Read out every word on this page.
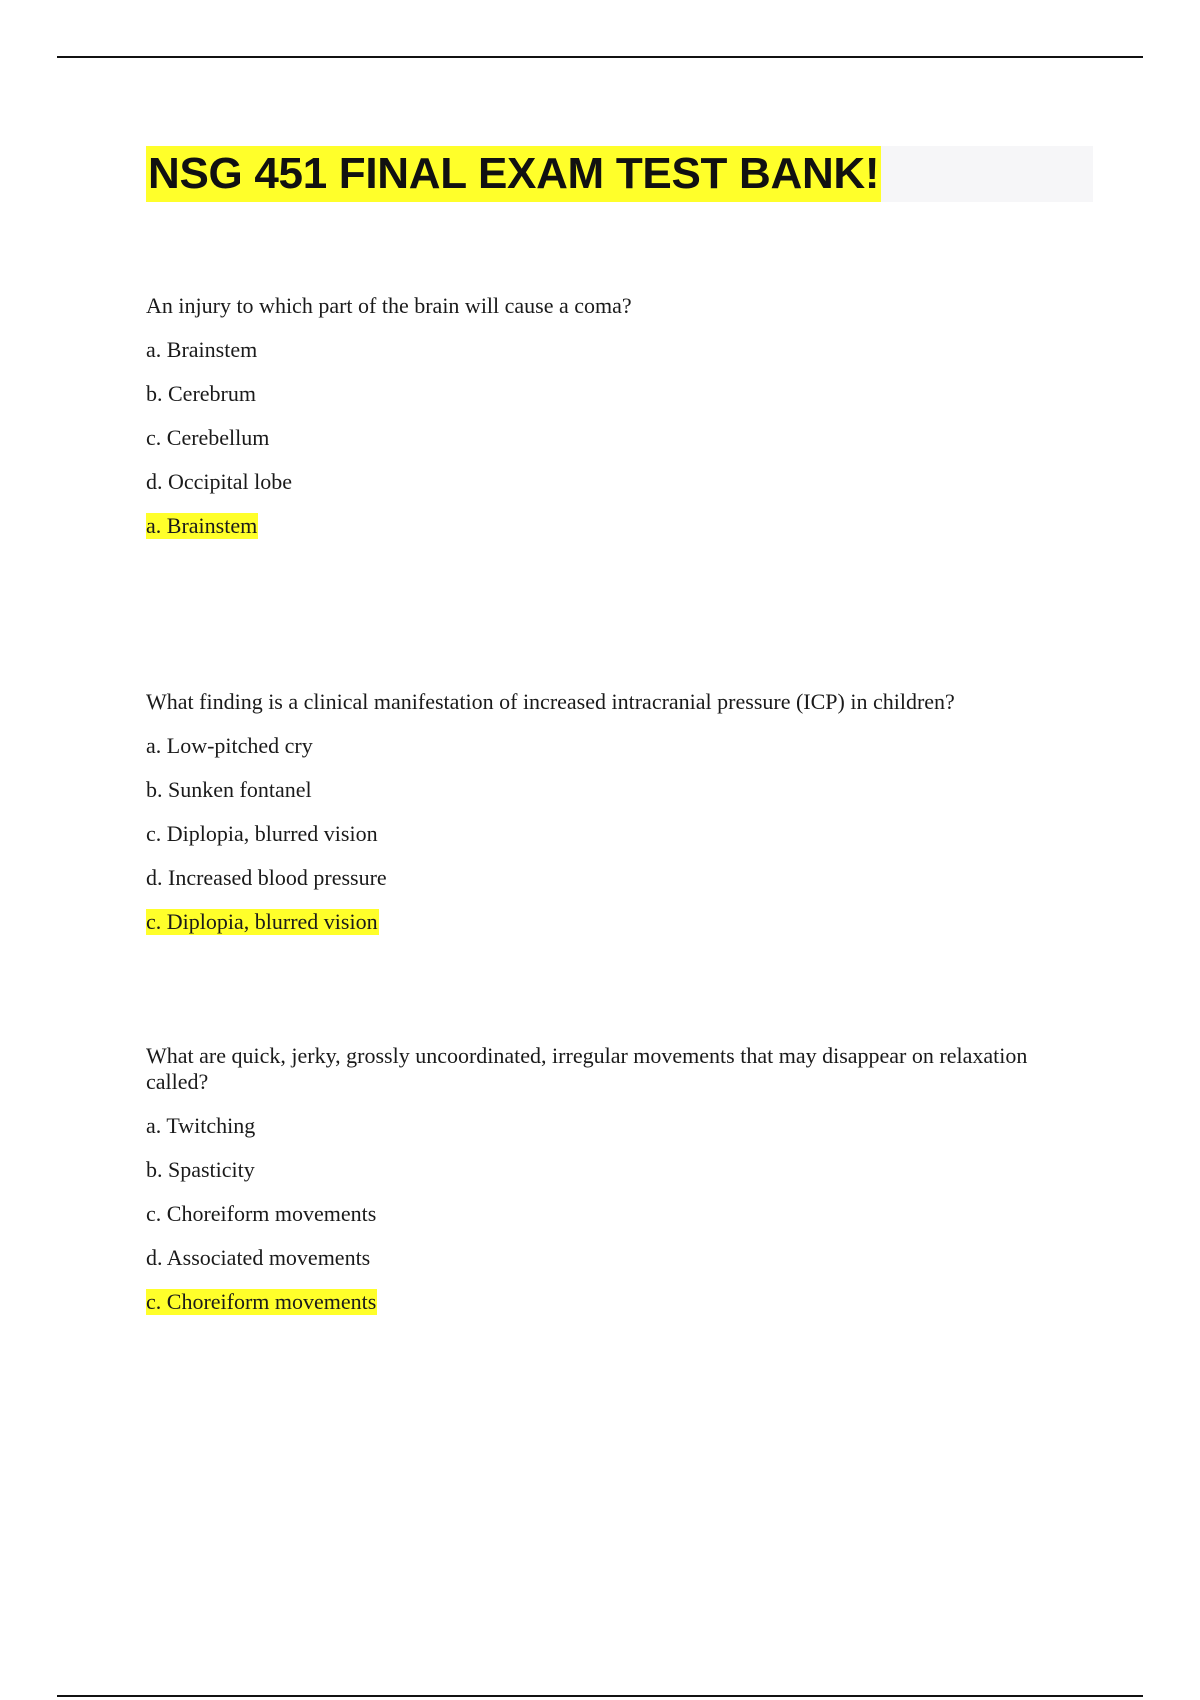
NSG 451 FINAL EXAM TEST BANK!
An injury to which part of the brain will cause a coma?
a. Brainstem
b. Cerebrum
c. Cerebellum
d. Occipital lobe
a. Brainstem
What finding is a clinical manifestation of increased intracranial pressure (ICP) in children?
a. Low-pitched cry
b. Sunken fontanel
c. Diplopia, blurred vision
d. Increased blood pressure
c. Diplopia, blurred vision
What are quick, jerky, grossly uncoordinated, irregular movements that may disappear on relaxation called?
a. Twitching
b. Spasticity
c. Choreiform movements
d. Associated movements
c. Choreiform movements
